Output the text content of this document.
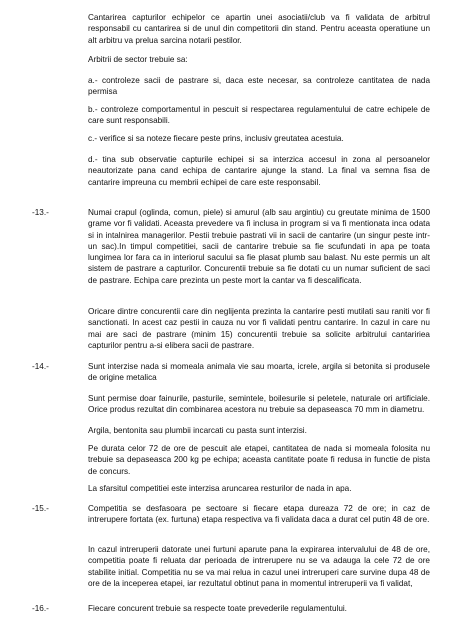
Cantarirea capturilor echipelor ce apartin unei asociatii/club va fi validata de arbitrul responsabil cu cantarirea si de unul din competitorii din stand. Pentru aceasta operatiune un alt arbitru va prelua sarcina notarii pestilor.

Arbitrii de sector trebuie sa:

a.- controleze sacii de pastrare si, daca este necesar, sa controleze cantitatea de nada permisa

b.- controleze comportamentul in pescuit si respectarea regulamentului de catre echipele de care sunt responsabili.

c.- verifice si sa noteze fiecare peste prins, inclusiv greutatea acestuia.

d.- tina sub observatie capturile echipei si sa interzica accesul in zona al persoanelor neautorizate pana cand echipa de cantarire ajunge la stand. La final va semna fisa de cantarire impreuna cu membrii echipei de care este responsabil.

-13.-	Numai crapul (oglinda, comun, piele) si amurul (alb sau argintiu) cu greutate minima de 1500 grame vor fi validati. Aceasta prevedere va fi inclusa in program si va fi mentionata inca odata si in intalnirea managerilor. Pestii trebuie pastrati vii in sacii de cantarire (un singur peste intr-un sac).In timpul competitiei, sacii de cantarire trebuie sa fie scufundati in apa pe toata lungimea lor fara ca in interiorul sacului sa fie plasat plumb sau balast. Nu este permis un alt sistem de pastrare a capturilor. Concurentii trebuie sa fie dotati cu un numar suficient de saci de pastrare. Echipa care prezinta un peste mort la cantar va fi descalificata.

Oricare dintre concurentii care din neglijenta prezinta la cantarire pesti mutilati sau raniti vor fi sanctionati. In acest caz pestii in cauza nu vor fi validati pentru cantarire. In cazul in care nu mai are saci de pastrare (minim 15) concurentii trebuie sa solicite arbitrului cantaririea capturilor pentru a-si elibera sacii de pastrare.

-14.-	Sunt interzise nada si momeala animala vie sau moarta, icrele, argila si betonita si produsele de origine metalica

Sunt permise doar fainurile, pasturile, semintele, boilesurile si peletele, naturale ori artificiale. Orice produs rezultat din combinarea acestora nu trebuie sa depaseasca 70 mm in diametru.

Argila, bentonita sau plumbii incarcati cu pasta sunt interzisi.

Pe durata celor 72 de ore de pescuit ale etapei, cantitatea de nada si momeala folosita nu trebuie sa depaseasca 200 kg pe echipa; aceasta cantitate poate fi redusa in functie de pista de concurs.

La sfarsitul competitiei este interzisa aruncarea resturilor de nada in apa.

-15.-	Competitia se desfasoara pe sectoare si fiecare etapa dureaza 72 de ore; in caz de intrerupere fortata (ex. furtuna) etapa respectiva va fi validata daca a durat cel putin 48 de ore.

In cazul intreruperii datorate unei furtuni aparute pana la expirarea intervalului de 48 de ore, competitia poate fi reluata dar perioada de intrerupere nu se va adauga la cele 72 de ore stabilite initial. Competitia nu se va mai relua in cazul unei intreruperi care survine dupa 48 de ore de la inceperea etapei, iar rezultatul obtinut pana in momentul intreruperii va fi validat,

-16.-	Fiecare concurent trebuie sa respecte toate prevederile regulamentului.
